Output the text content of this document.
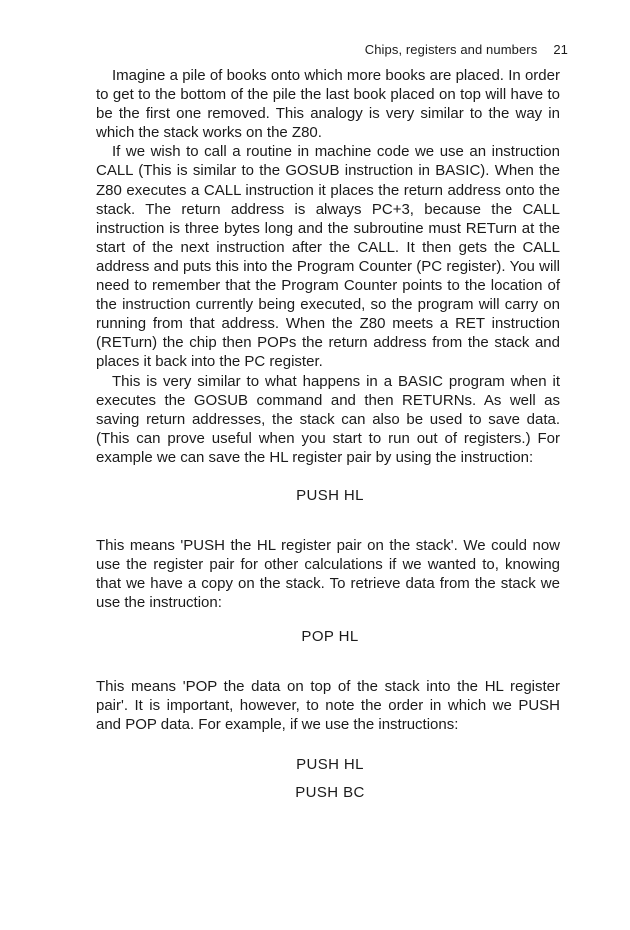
Chips, registers and numbers 21

Imagine a pile of books onto which more books are placed. In order to get to the bottom of the pile the last book placed on top will have to be the first one removed. This analogy is very similar to the way in which the stack works on the Z80.

If we wish to call a routine in machine code we use an instruction CALL (This is similar to the GOSUB instruction in BASIC). When the Z80 executes a CALL instruction it places the return address onto the stack. The return address is always PC+3, because the CALL instruction is three bytes long and the subroutine must RETurn at the start of the next instruction after the CALL. It then gets the CALL address and puts this into the Program Counter (PC register). You will need to remember that the Program Counter points to the location of the instruction currently being executed, so the program will carry on running from that address. When the Z80 meets a RET instruction (RETurn) the chip then POPs the return address from the stack and places it back into the PC register.

This is very similar to what happens in a BASIC program when it executes the GOSUB command and then RETURNs. As well as saving return addresses, the stack can also be used to save data. (This can prove useful when you start to run out of registers.) For example we can save the HL register pair by using the instruction:

PUSH HL

This means 'PUSH the HL register pair on the stack'. We could now use the register pair for other calculations if we wanted to, knowing that we have a copy on the stack. To retrieve data from the stack we use the instruction:

POP HL

This means 'POP the data on top of the stack into the HL register pair'. It is important, however, to note the order in which we PUSH and POP data. For example, if we use the instructions:

PUSH HL
PUSH BC
